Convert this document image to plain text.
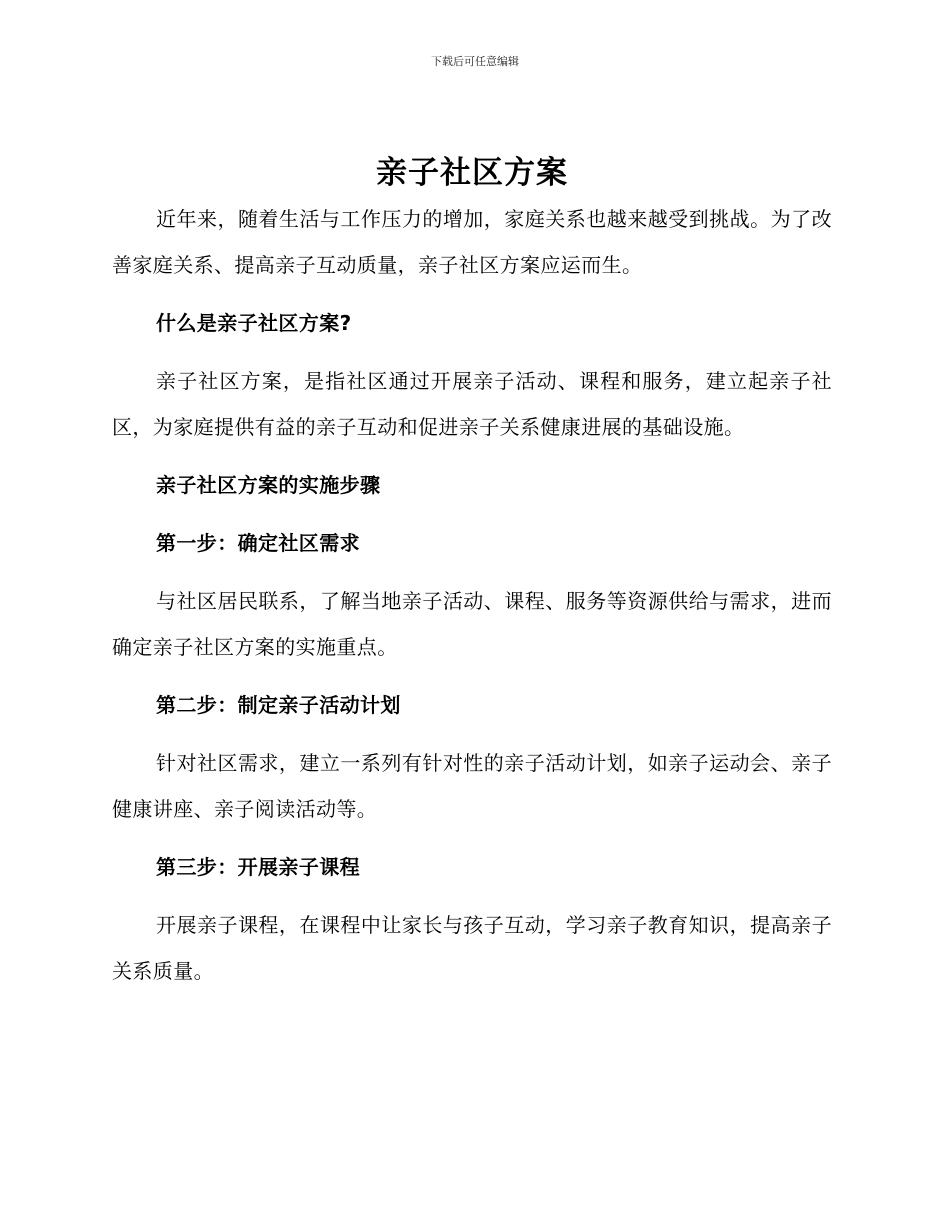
下载后可任意编辑
亲子社区方案

近年来，随着生活与工作压力的增加，家庭关系也越来越受到挑战。为了改善家庭关系、提高亲子互动质量，亲子社区方案应运而生。

什么是亲子社区方案?

亲子社区方案，是指社区通过开展亲子活动、课程和服务，建立起亲子社区，为家庭提供有益的亲子互动和促进亲子关系健康进展的基础设施。

亲子社区方案的实施步骤

第一步：确定社区需求

与社区居民联系，了解当地亲子活动、课程、服务等资源供给与需求，进而确定亲子社区方案的实施重点。

第二步：制定亲子活动计划

针对社区需求，建立一系列有针对性的亲子活动计划，如亲子运动会、亲子健康讲座、亲子阅读活动等。

第三步：开展亲子课程

开展亲子课程，在课程中让家长与孩子互动，学习亲子教育知识，提高亲子关系质量。
